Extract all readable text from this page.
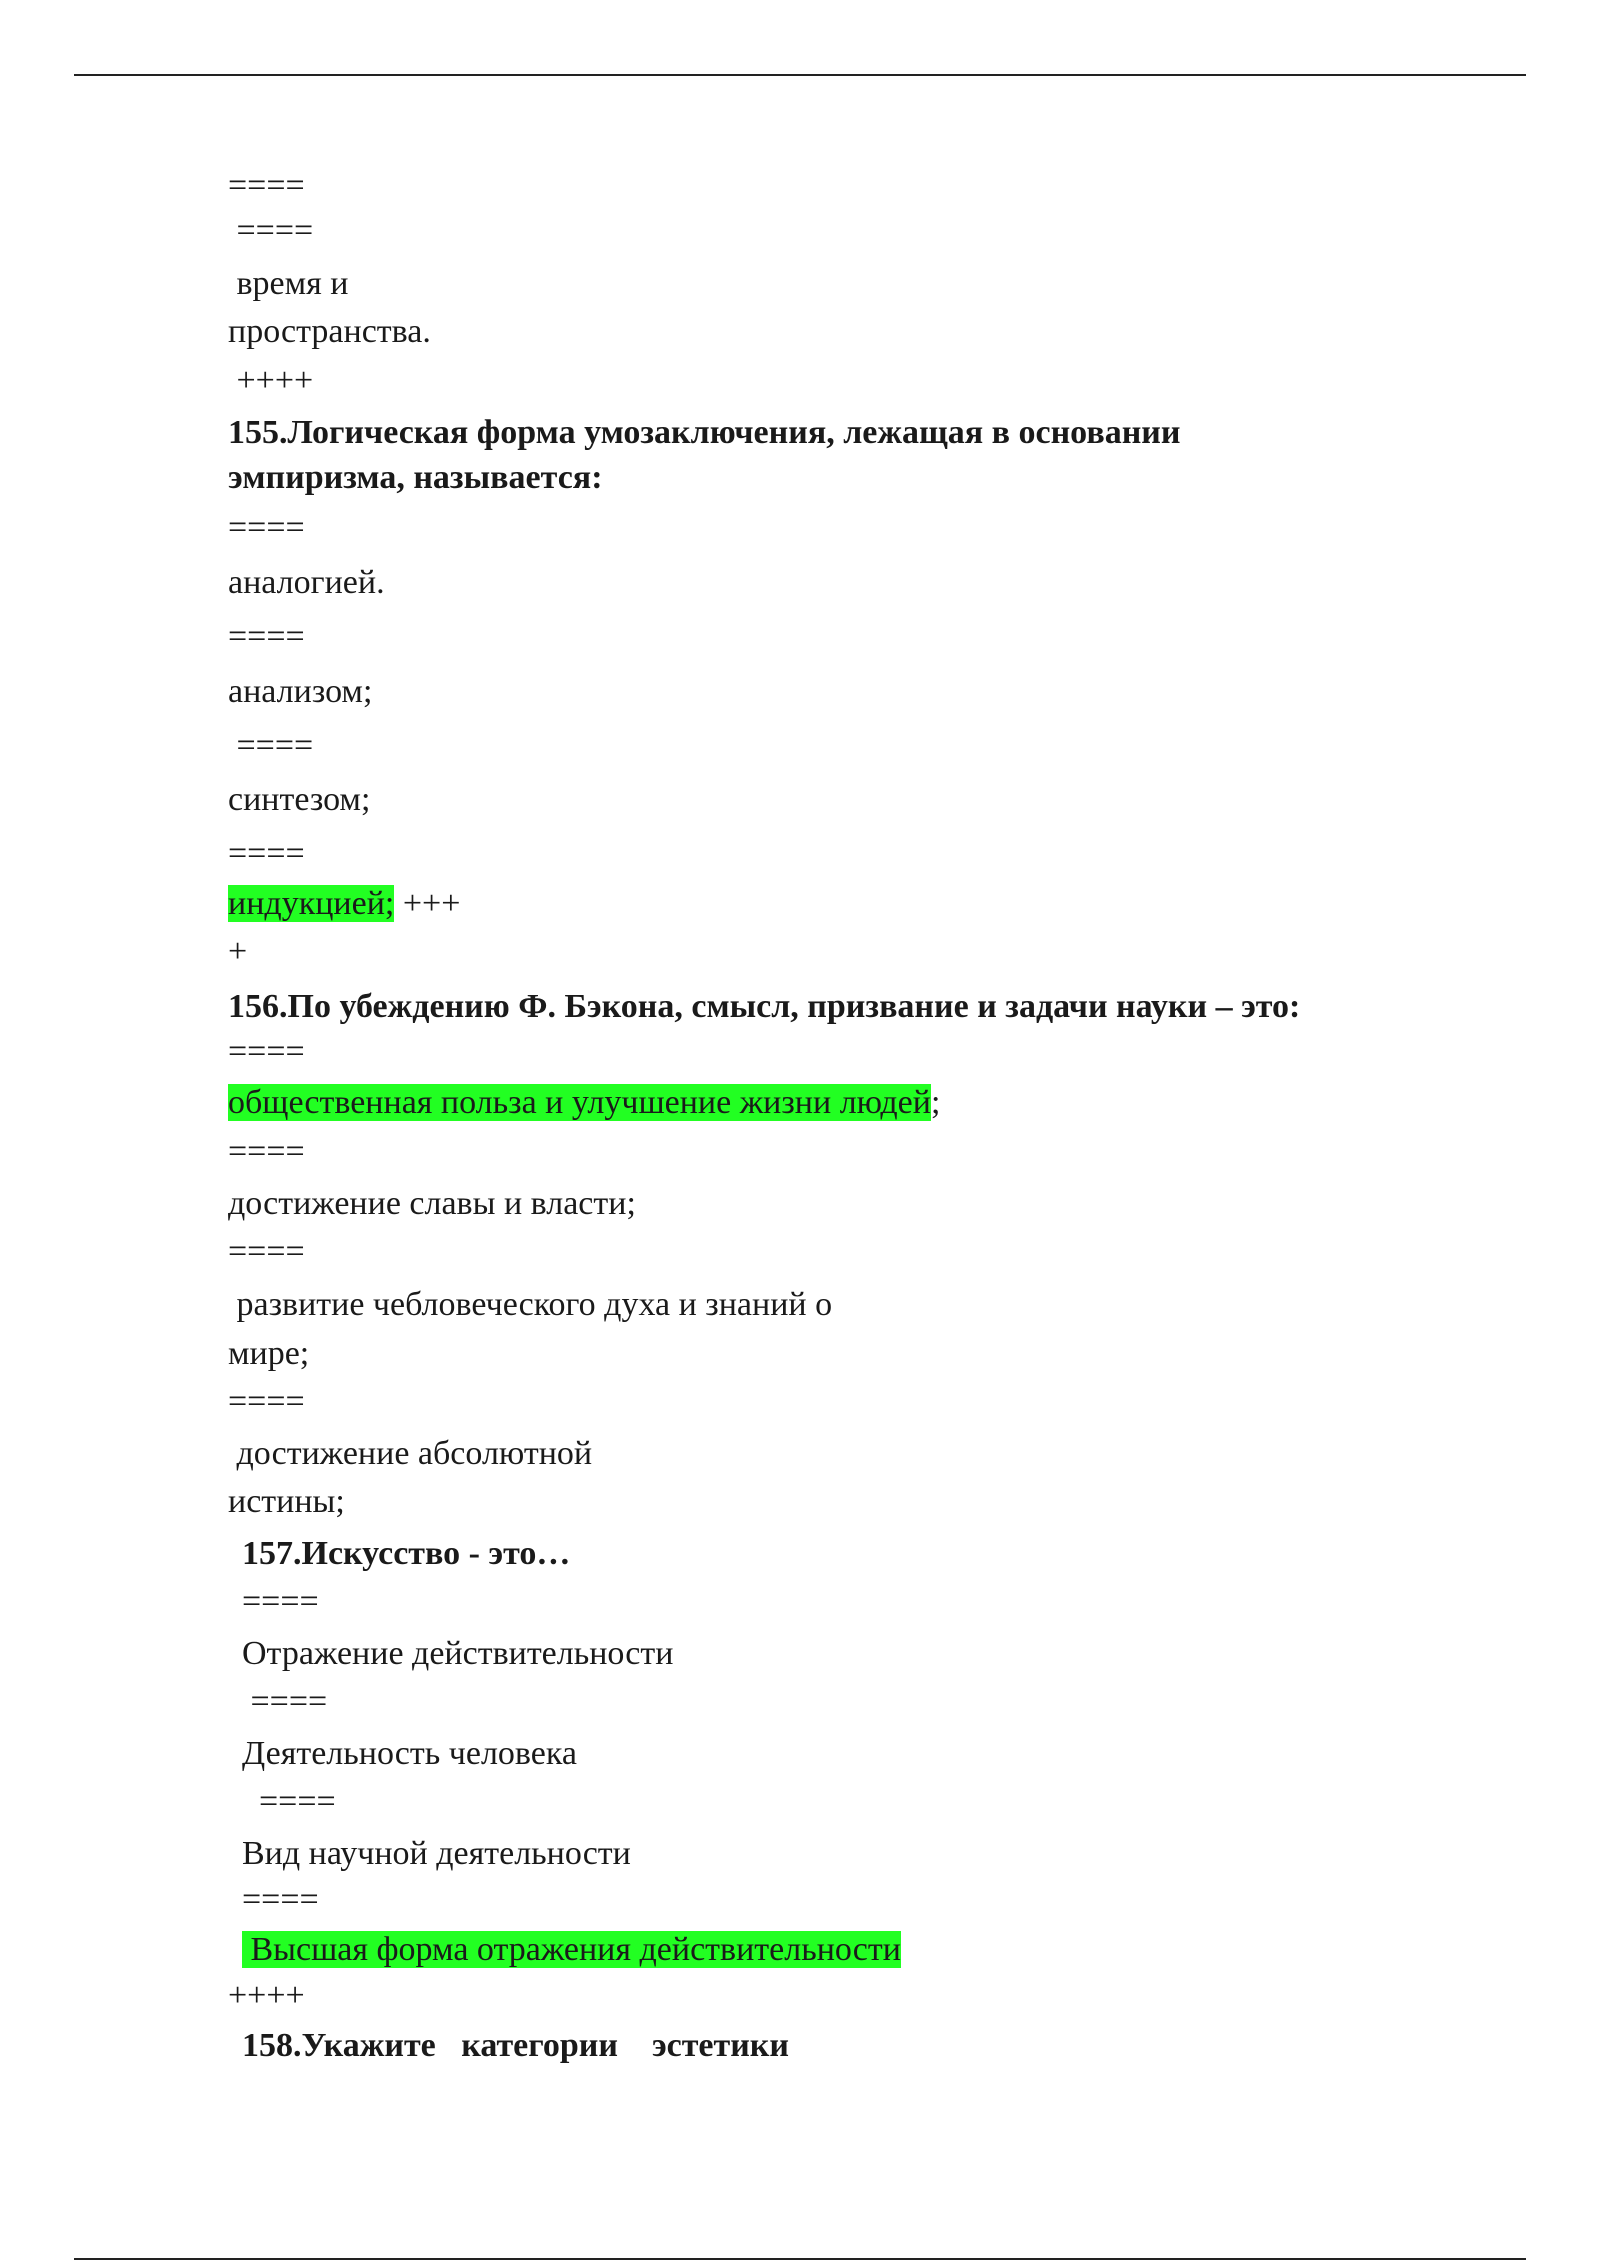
====
====
время и
пространства.
++++
155.Логическая форма умозаключения, лежащая в основании
эмпиризма, называется:
====
аналогией.
====
анализом;
====
синтезом;
====
индукцией; +++
+
156.По убеждению Ф. Бэкона, смысл, призвание и задачи науки – это:
====
общественная польза и улучшение жизни людей;
====
достижение славы и власти;
====
развитие чебловеческого духа и знаний о
мире;
====
достижение абсолютной
истины;
157.Искусство - это…
====
Отражение действительности
====
Деятельность человека
====
Вид научной деятельности
====
Высшая форма отражения действительности
++++
158.Укажите   категории    эстетики
